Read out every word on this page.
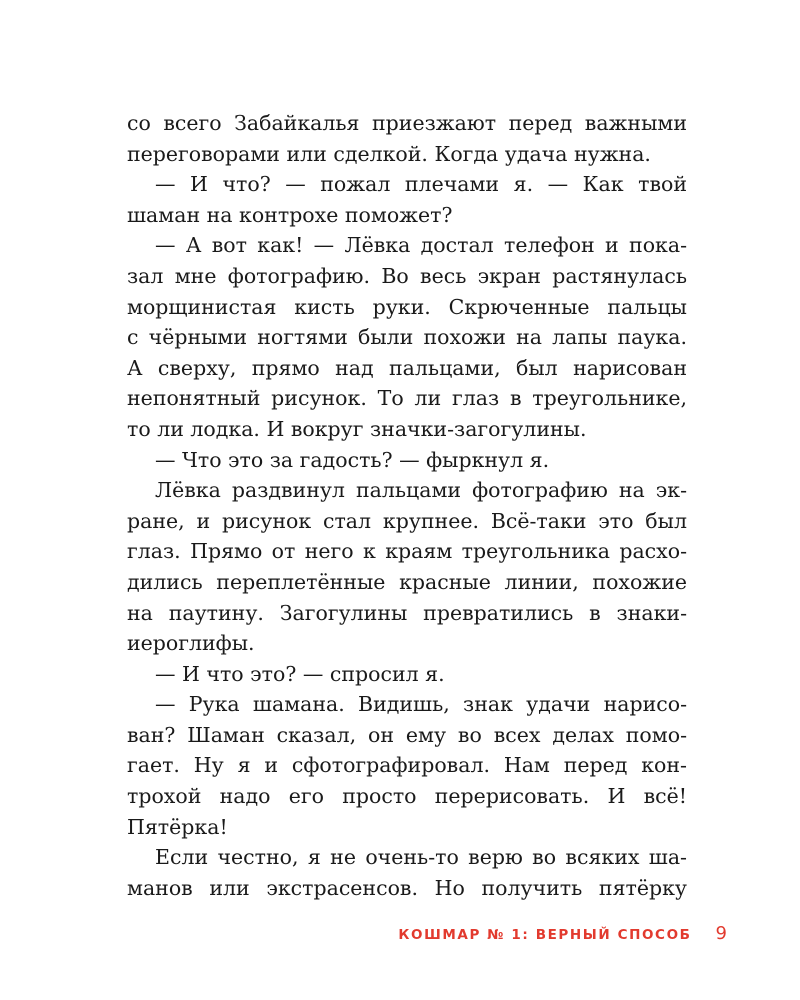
со всего Забайкалья приезжают перед важными
переговорами или сделкой. Когда удача нужна.
— И что? — пожал плечами я. — Как твой
шаман на контрохе поможет?
— А вот как! — Лёвка достал телефон и пока-
зал мне фотографию. Во весь экран растянулась
морщинистая кисть руки. Скрюченные пальцы
с чёрными ногтями были похожи на лапы паука.
А сверху, прямо над пальцами, был нарисован
непонятный рисунок. То ли глаз в треугольнике,
то ли лодка. И вокруг значки-загогулины.
— Что это за гадость? — фыркнул я.
Лёвка раздвинул пальцами фотографию на эк-
ране, и рисунок стал крупнее. Всё-таки это был
глаз. Прямо от него к краям треугольника расхо-
дились переплетённые красные линии, похожие
на паутину. Загогулины превратились в знаки-
иероглифы.
— И что это? — спросил я.
— Рука шамана. Видишь, знак удачи нарисо-
ван? Шаман сказал, он ему во всех делах помо-
гает. Ну я и сфотографировал. Нам перед кон-
трохой надо его просто перерисовать. И всё!
Пятёрка!
Если честно, я не очень-то верю во всяких ша-
манов или экстрасенсов. Но получить пятёрку
КОШМАР № 1: ВЕРНЫЙ СПОСОБ 9
